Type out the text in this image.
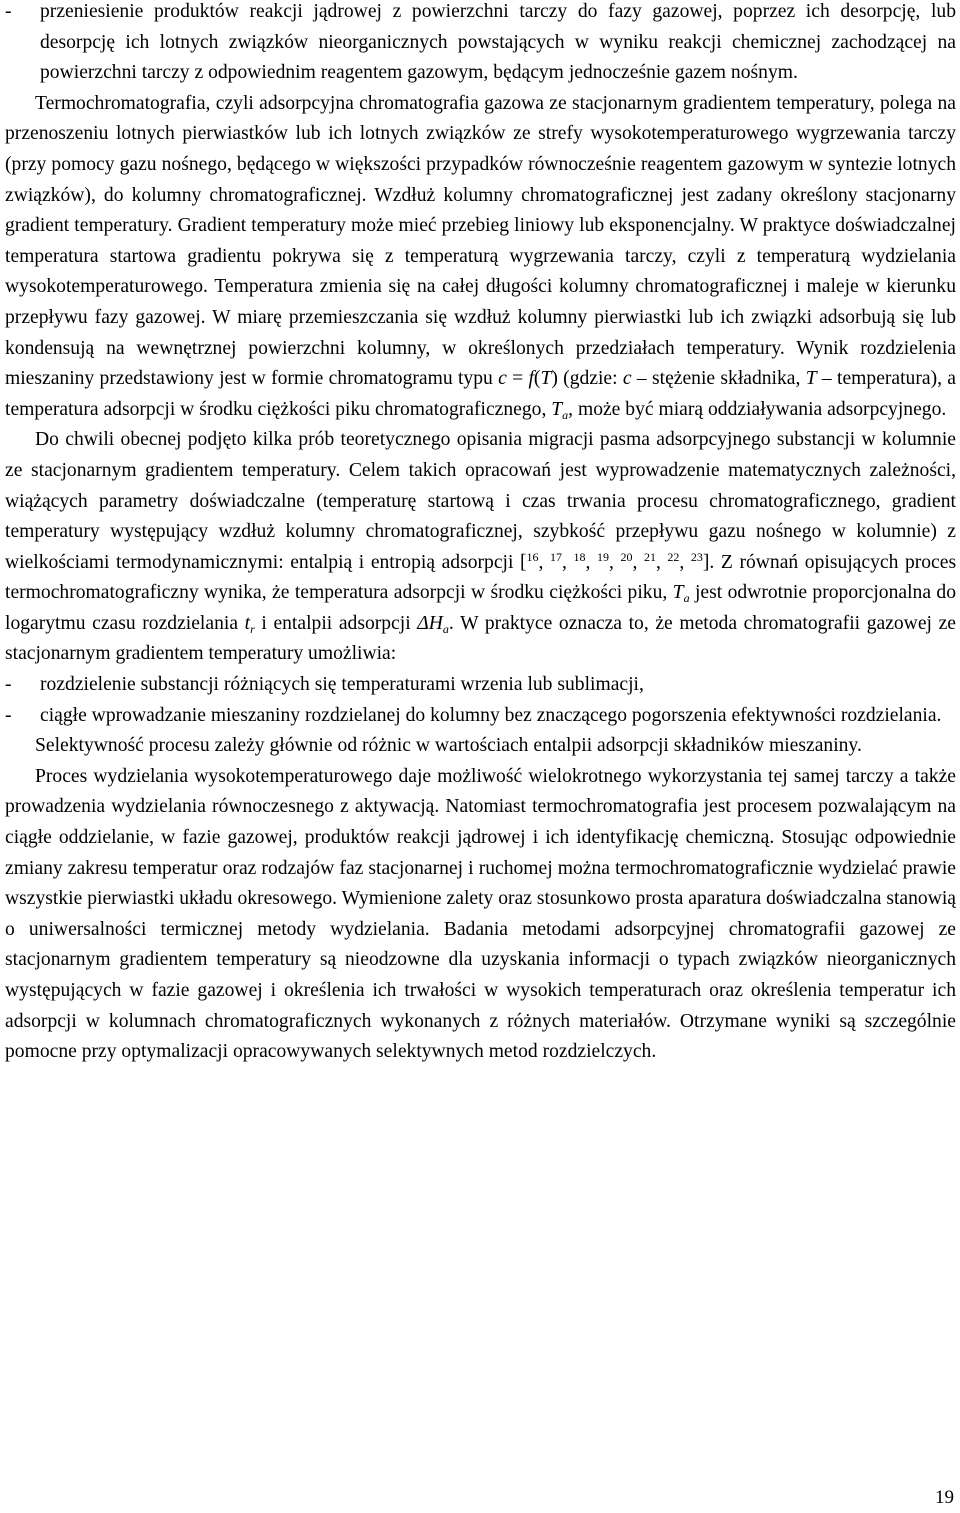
-	przeniesienie produktów reakcji jądrowej z powierzchni tarczy do fazy gazowej, poprzez ich desorpcję, lub desorpcję ich lotnych związków nieorganicznych powstających w wyniku reakcji chemicznej zachodzącej na powierzchni tarczy z odpowiednim reagentem gazowym, będącym jednocześnie gazem nośnym.

Termochromatografia, czyli adsorpcyjna chromatografia gazowa ze stacjonarnym gradientem temperatury, polega na przenoszeniu lotnych pierwiastków lub ich lotnych związków ze strefy wysokotemperaturowego wygrzewania tarczy (przy pomocy gazu nośnego, będącego w większości przypadków równocześnie reagentem gazowym w syntezie lotnych związków), do kolumny chromatograficznej. Wzdłuż kolumny chromatograficznej jest zadany określony stacjonarny gradient temperatury. Gradient temperatury może mieć przebieg liniowy lub eksponencjalny. W praktyce doświadczalnej temperatura startowa gradientu pokrywa się z temperaturą wygrzewania tarczy, czyli z temperaturą wydzielania wysokotemperaturowego. Temperatura zmienia się na całej długości kolumny chromatograficznej i maleje w kierunku przepływu fazy gazowej. W miarę przemieszczania się wzdłuż kolumny pierwiastki lub ich związki adsorbują się lub kondensują na wewnętrznej powierzchni kolumny, w określonych przedziałach temperatury. Wynik rozdzielenia mieszaniny przedstawiony jest w formie chromatogramu typu c = f(T) (gdzie: c – stężenie składnika, T – temperatura), a temperatura adsorpcji w środku ciężkości piku chromatograficznego, $T_a$, może być miarą oddziaływania adsorpcyjnego.

Do chwili obecnej podjęto kilka prób teoretycznego opisania migracji pasma adsorpcyjnego substancji w kolumnie ze stacjonarnym gradientem temperatury. Celem takich opracowań jest wyprowadzenie matematycznych zależności, wiążących parametry doświadczalne (temperaturę startową i czas trwania procesu chromatograficznego, gradient temperatury występujący wzdłuż kolumny chromatograficznej, szybkość przepływu gazu nośnego w kolumnie) z wielkościami termodynamicznymi: entalpią i entropią adsorpcji [$^{16}$, $^{17}$, $^{18}$, $^{19}$, $^{20}$, $^{21}$, $^{22}$, $^{23}$]. Z równań opisujących proces termochromatograficzny wynika, że temperatura adsorpcji w środku ciężkości piku, $T_a$ jest odwrotnie proporcjonalna do logarytmu czasu rozdzielania $t_r$ i entalpii adsorpcji $\Delta H_a$. W praktyce oznacza to, że metoda chromatografii gazowej ze stacjonarnym gradientem temperatury umożliwia:

-	rozdzielenie substancji różniących się temperaturami wrzenia lub sublimacji,
-	ciągłe wprowadzanie mieszaniny rozdzielanej do kolumny bez znaczącego pogorszenia efektywności rozdzielania.

Selektywność procesu zależy głównie od różnic w wartościach entalpii adsorpcji składników mieszaniny.

Proces wydzielania wysokotemperaturowego daje możliwość wielokrotnego wykorzystania tej samej tarczy a także prowadzenia wydzielania równoczesnego z aktywacją. Natomiast termochromatografia jest procesem pozwalającym na ciągłe oddzielanie, w fazie gazowej, produktów reakcji jądrowej i ich identyfikację chemiczną. Stosując odpowiednie zmiany zakresu temperatur oraz rodzajów faz stacjonarnej i ruchomej można termochromatograficznie wydzielać prawie wszystkie pierwiastki układu okresowego. Wymienione zalety oraz stosunkowo prosta aparatura doświadczalna stanowią o uniwersalności termicznej metody wydzielania. Badania metodami adsorpcyjnej chromatografii gazowej ze stacjonarnym gradientem temperatury są nieodzowne dla uzyskania informacji o typach związków nieorganicznych występujących w fazie gazowej i określenia ich trwałości w wysokich temperaturach oraz określenia temperatur ich adsorpcji w kolumnach chromatograficznych wykonanych z różnych materiałów. Otrzymane wyniki są szczególnie pomocne przy optymalizacji opracowywanych selektywnych metod rozdzielczych.

19
